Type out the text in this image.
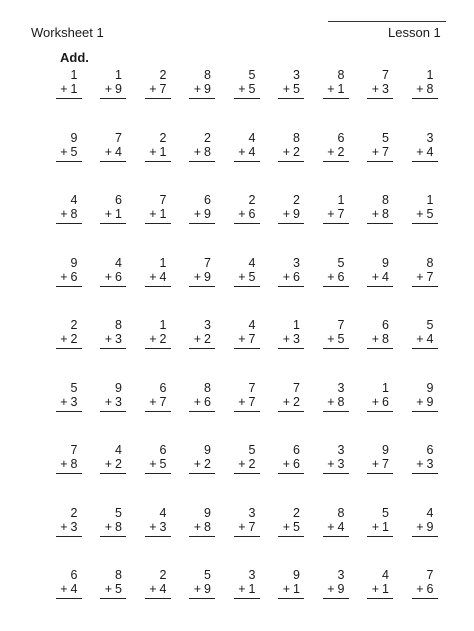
Worksheet 1	Lesson 1
Add.
1
+ 1
1
+ 9
2
+ 7
8
+ 9
5
+ 5
3
+ 5
8
+ 1
7
+ 3
1
+ 8
9
+ 5
7
+ 4
2
+ 1
2
+ 8
4
+ 4
8
+ 2
6
+ 2
5
+ 7
3
+ 4
4
+ 8
6
+ 1
7
+ 1
6
+ 9
2
+ 6
2
+ 9
1
+ 7
8
+ 8
1
+ 5
9
+ 6
4
+ 6
1
+ 4
7
+ 9
4
+ 5
3
+ 6
5
+ 6
9
+ 4
8
+ 7
2
+ 2
8
+ 3
1
+ 2
3
+ 2
4
+ 7
1
+ 3
7
+ 5
6
+ 8
5
+ 4
5
+ 3
9
+ 3
6
+ 7
8
+ 6
7
+ 7
7
+ 2
3
+ 8
1
+ 6
9
+ 9
7
+ 8
4
+ 2
6
+ 5
9
+ 2
5
+ 2
6
+ 6
3
+ 3
9
+ 7
6
+ 3
2
+ 3
5
+ 8
4
+ 3
9
+ 8
3
+ 7
2
+ 5
8
+ 4
5
+ 1
4
+ 9
6
+ 4
8
+ 5
2
+ 4
5
+ 9
3
+ 1
9
+ 1
3
+ 9
4
+ 1
7
+ 6
